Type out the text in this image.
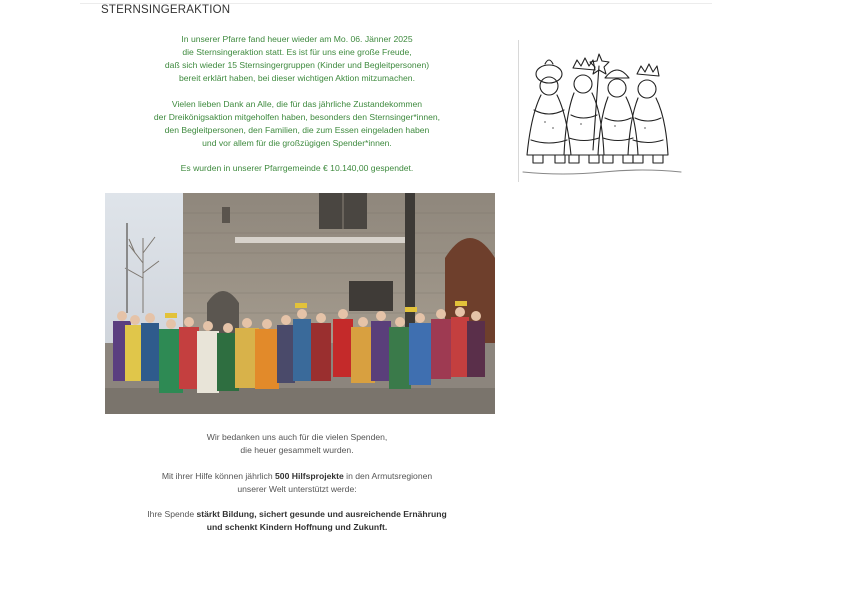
STERNSINGERAKTION

In unserer Pfarre fand heuer wieder am Mo. 06. Jänner 2025
die Sternsingeraktion statt. Es ist für uns eine große Freude,
daß sich wieder 15 Sternsingergruppen (Kinder und Begleitpersonen)
bereit erklärt haben, bei dieser wichtigen Aktion mitzumachen.

Vielen lieben Dank an Alle, die für das jährliche Zustandekommen
der Dreikönigsaktion mitgeholfen haben, besonders den Sternsinger*innen,
den Begleitpersonen, den Familien, die zum Essen eingeladen haben
und vor allem für die großzügigen Spender*innen.

Es wurden in unserer Pfarrgemeinde € 10.140,00 gespendet.

Wir bedanken uns auch für die vielen Spenden,
die heuer gesammelt wurden.

Mit ihrer Hilfe können jährlich 500 Hilfsprojekte in den Armutsregionen
unserer Welt unterstützt werde:

Ihre Spende stärkt Bildung, sichert gesunde und ausreichende Ernährung
und schenkt Kindern Hoffnung und Zukunft.
